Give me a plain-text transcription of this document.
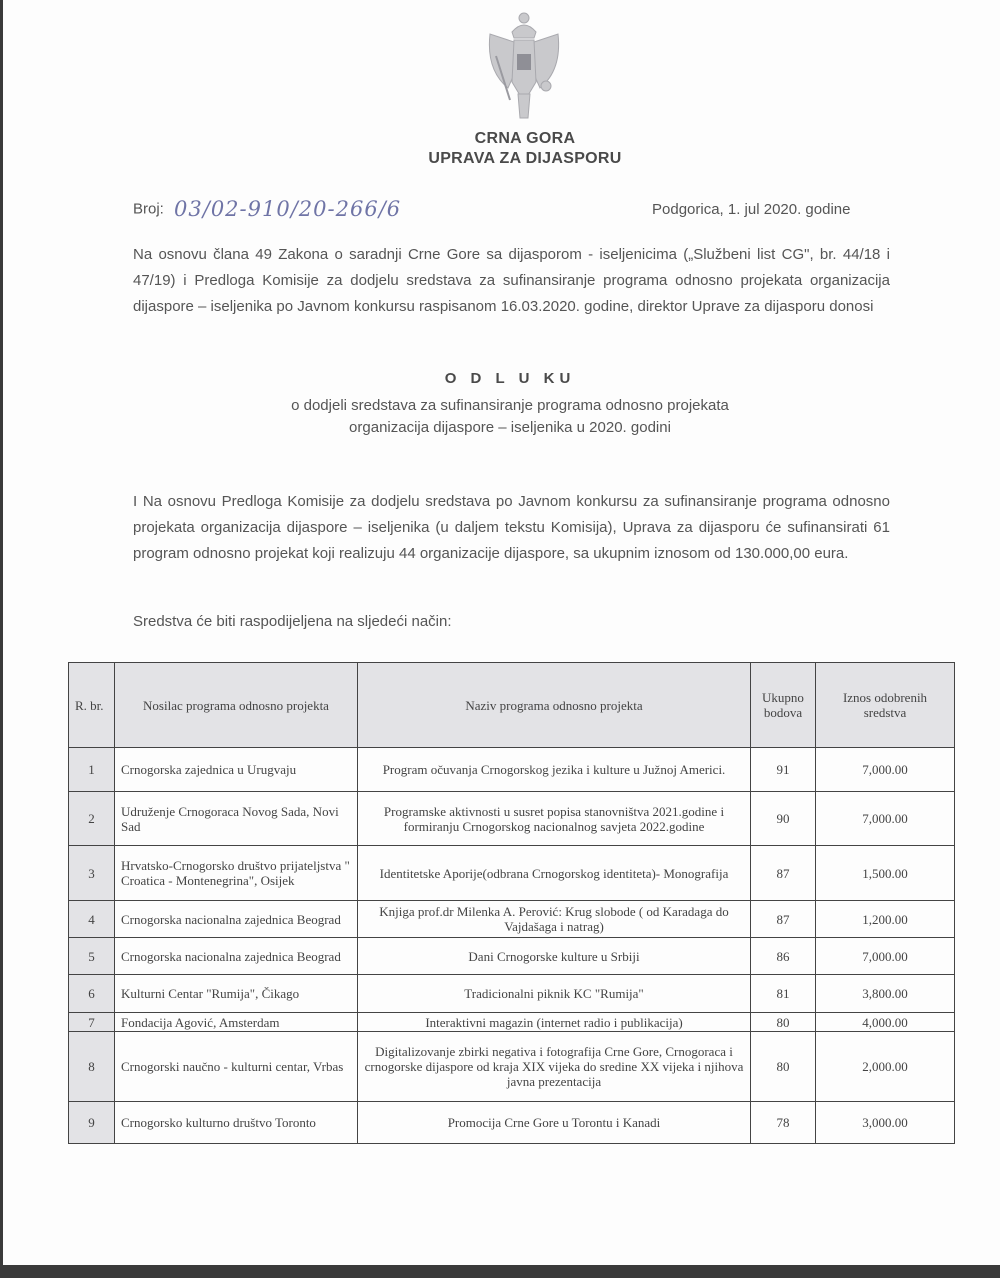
CRNA GORA
UPRAVA ZA DIJASPORU
Broj: 03/02-910/20-266/6	Podgorica, 1. jul 2020. godine
Na osnovu člana 49 Zakona o saradnji Crne Gore sa dijasporom - iseljenicima („Službeni list CG", br. 44/18 i 47/19) i Predloga Komisije za dodjelu sredstava za sufinansiranje programa odnosno projekata organizacija dijaspore – iseljenika po Javnom konkursu raspisanom 16.03.2020. godine, direktor Uprave za dijasporu donosi
O D L U KU
o dodjeli sredstava za sufinansiranje programa odnosno projekata
organizacija dijaspore – iseljenika u 2020. godini
I Na osnovu Predloga Komisije za dodjelu sredstava po Javnom konkursu za sufinansiranje programa odnosno projekata organizacija dijaspore – iseljenika (u daljem tekstu Komisija), Uprava za dijasporu će sufinansirati 61 program odnosno projekat koji realizuju 44 organizacije dijaspore, sa ukupnim iznosom od 130.000,00 eura.
Sredstva će biti raspodijeljena na sljedeći način:
R. br.	Nosilac programa odnosno projekta	Naziv programa odnosno projekta	Ukupno bodova	Iznos odobrenih sredstva
1	Crnogorska zajednica u Urugvaju	Program očuvanja Crnogorskog jezika i kulture u Južnoj Americi.	91	7,000.00
2	Udruženje Crnogoraca Novog Sada, Novi Sad	Programske aktivnosti u susret popisa stanovništva 2021.godine i formiranju Crnogorskog nacionalnog savjeta 2022.godine	90	7,000.00
3	Hrvatsko-Crnogorsko društvo prijateljstva " Croatica - Montenegrina", Osijek	Identitetske Aporije(odbrana Crnogorskog identiteta)- Monografija	87	1,500.00
4	Crnogorska nacionalna zajednica Beograd	Knjiga prof.dr Milenka A. Perović: Krug slobode ( od Karadaga do Vajdašaga i natrag)	87	1,200.00
5	Crnogorska nacionalna zajednica Beograd	Dani Crnogorske kulture u Srbiji	86	7,000.00
6	Kulturni Centar "Rumija", Čikago	Tradicionalni piknik KC "Rumija"	81	3,800.00
7	Fondacija Agović, Amsterdam	Interaktivni magazin (internet radio i publikacija)	80	4,000.00
8	Crnogorski naučno - kulturni centar, Vrbas	Digitalizovanje zbirki negativa i fotografija Crne Gore, Crnogoraca i crnogorske dijaspore od kraja XIX vijeka do sredine XX vijeka i njihova javna prezentacija	80	2,000.00
9	Crnogorsko kulturno društvo Toronto	Promocija Crne Gore u Torontu i Kanadi	78	3,000.00
